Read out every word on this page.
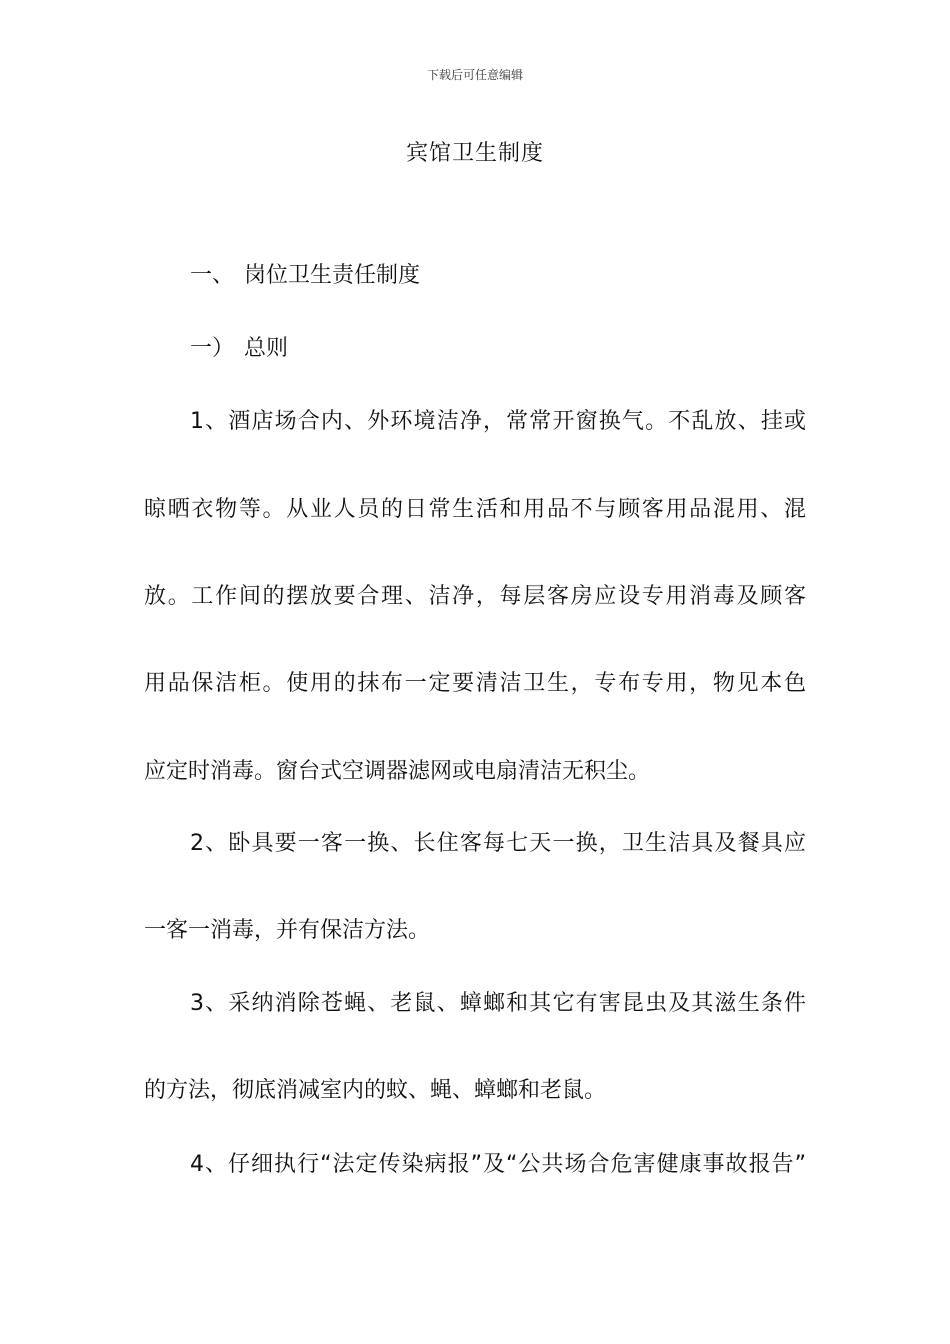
下载后可任意编辑
宾馆卫生制度
一、 岗位卫生责任制度
一） 总则
1、酒店场合内、外环境洁净，常常开窗换气。不乱放、挂或
晾晒衣物等。从业人员的日常生活和用品不与顾客用品混用、混
放。工作间的摆放要合理、洁净，每层客房应设专用消毒及顾客
用品保洁柜。使用的抹布一定要清洁卫生，专布专用，物见本色
应定时消毒。窗台式空调器滤网或电扇清洁无积尘。
2、卧具要一客一换、长住客每七天一换，卫生洁具及餐具应
一客一消毒，并有保洁方法。
3、采纳消除苍蝇、老鼠、蟑螂和其它有害昆虫及其滋生条件
的方法，彻底消减室内的蚊、蝇、蟑螂和老鼠。
4、仔细执行“法定传染病报”及“公共场合危害健康事故报告”
